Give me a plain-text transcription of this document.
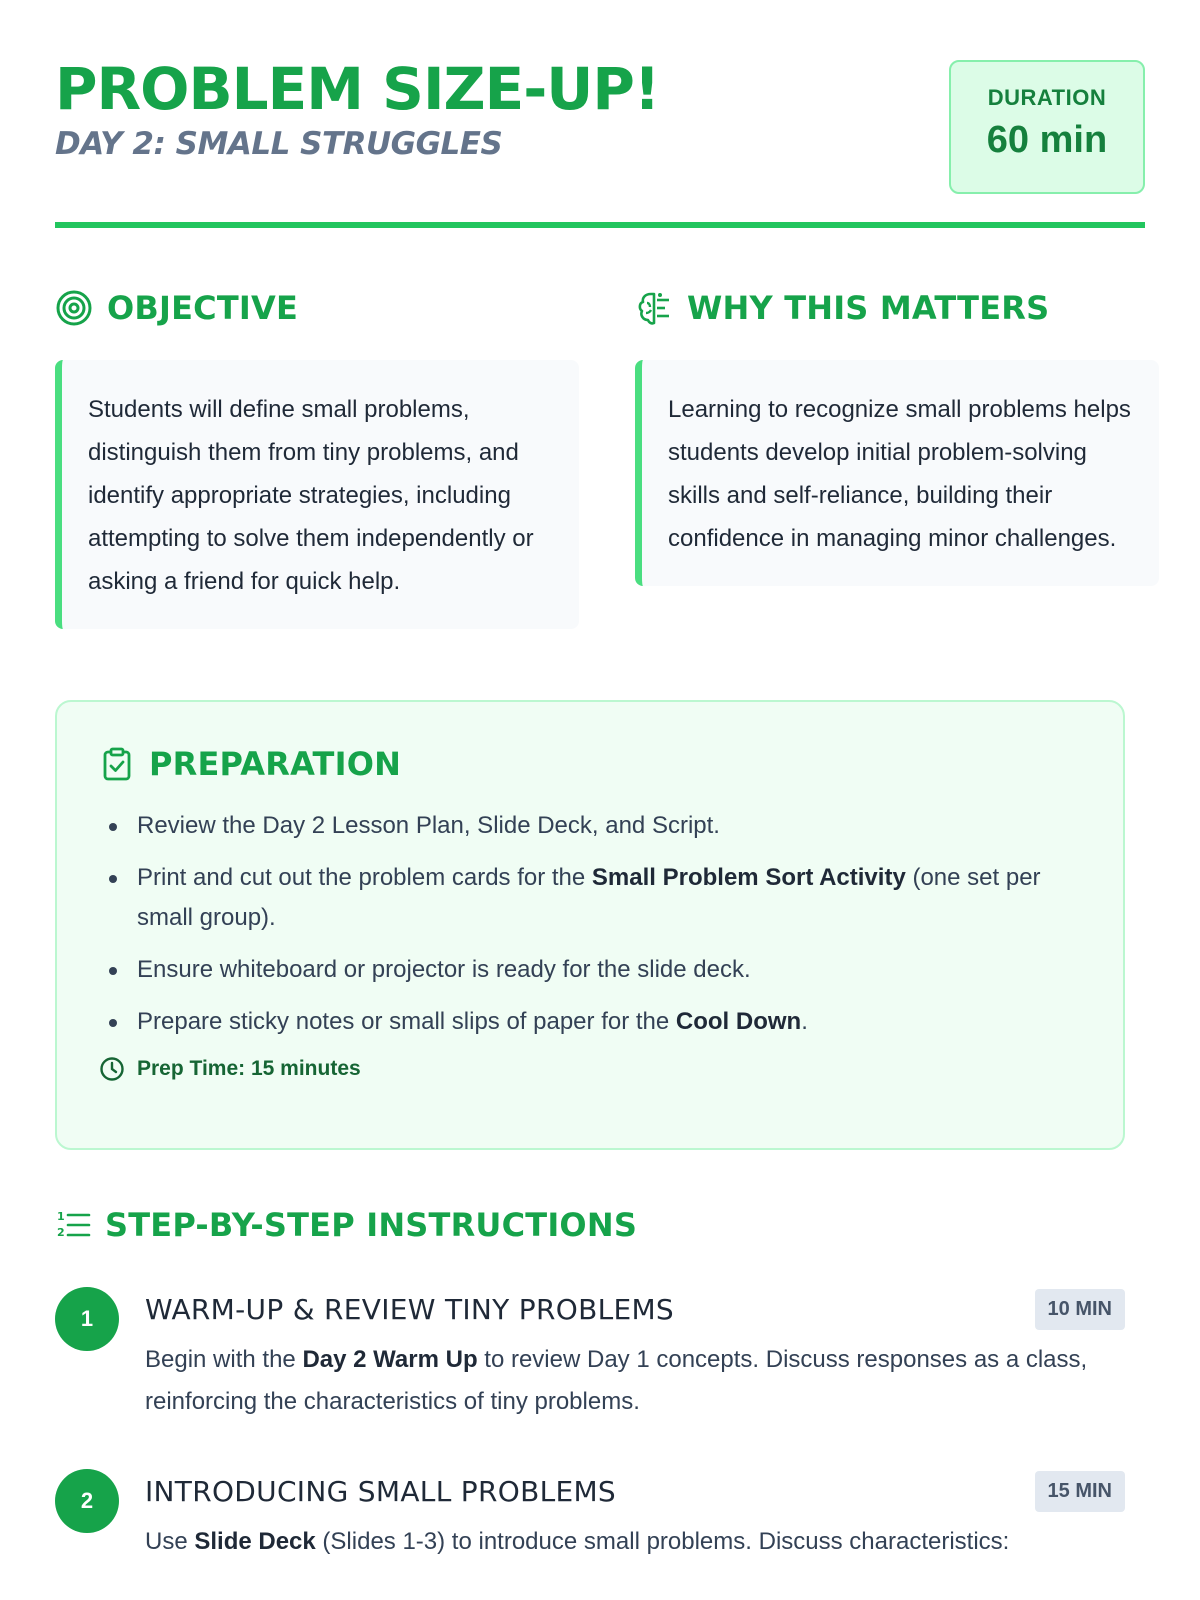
PROBLEM SIZE-UP!
DAY 2: SMALL STRUGGLES
DURATION
60 min
OBJECTIVE
Students will define small problems, distinguish them from tiny problems, and identify appropriate strategies, including attempting to solve them independently or asking a friend for quick help.
WHY THIS MATTERS
Learning to recognize small problems helps students develop initial problem-solving skills and self-reliance, building their confidence in managing minor challenges.
PREPARATION
Review the Day 2 Lesson Plan, Slide Deck, and Script.
Print and cut out the problem cards for the Small Problem Sort Activity (one set per small group).
Ensure whiteboard or projector is ready for the slide deck.
Prepare sticky notes or small slips of paper for the Cool Down.
Prep Time: 15 minutes
1
2 STEP-BY-STEP INSTRUCTIONS
1	WARM-UP & REVIEW TINY PROBLEMS	10 MIN
Begin with the Day 2 Warm Up to review Day 1 concepts. Discuss responses as a class, reinforcing the characteristics of tiny problems.
2	INTRODUCING SMALL PROBLEMS	15 MIN
Use Slide Deck (Slides 1-3) to introduce small problems. Discuss characteristics:
